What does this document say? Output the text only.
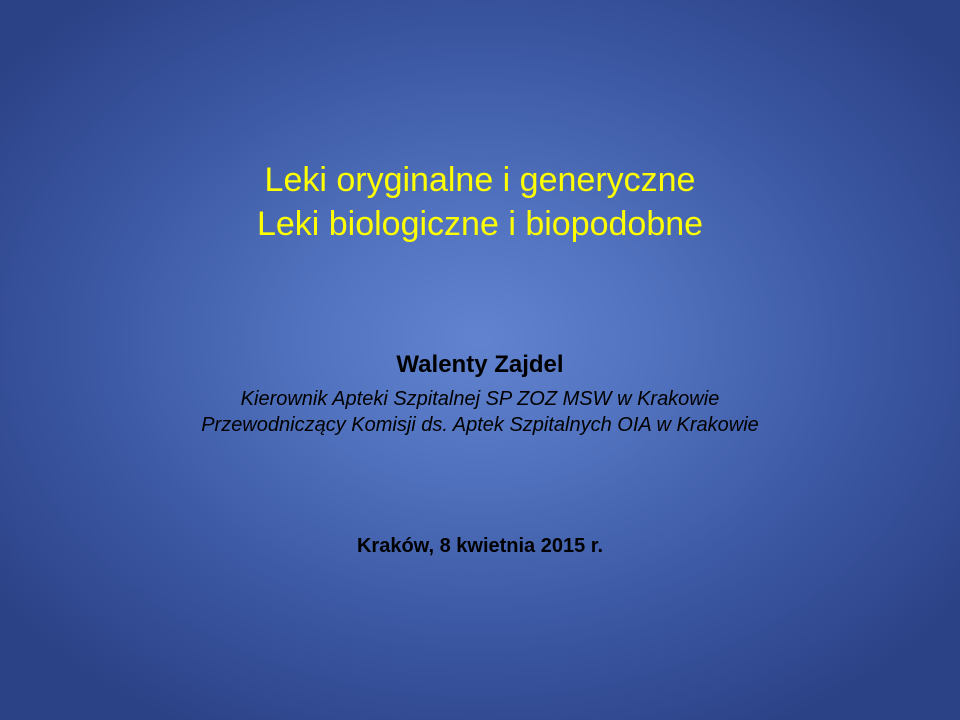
Leki oryginalne i generyczne
Leki biologiczne i biopodobne
Walenty Zajdel
Kierownik Apteki Szpitalnej SP ZOZ MSW w Krakowie
Przewodniczący Komisji ds. Aptek Szpitalnych OIA w Krakowie
Kraków, 8 kwietnia 2015 r.
